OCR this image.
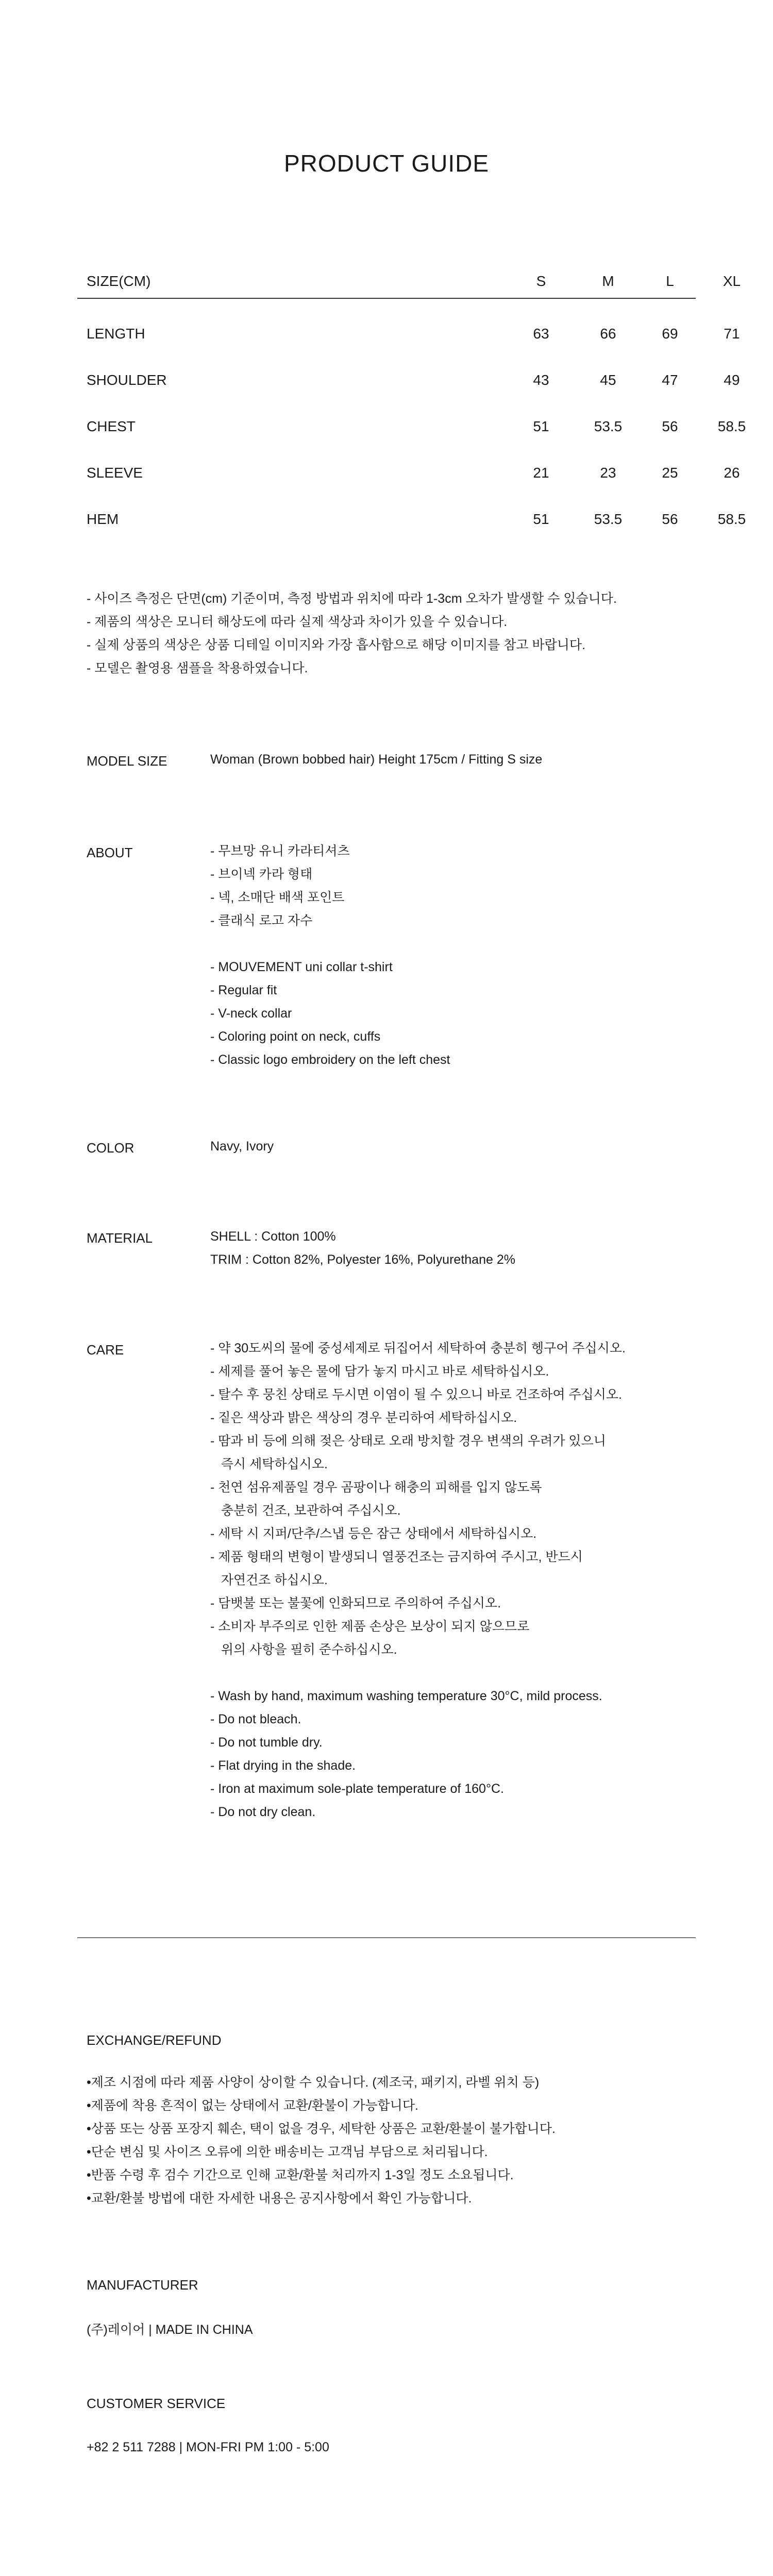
PRODUCT GUIDE
SIZE(CM)	S	M	L	XL
LENGTH	63	66	69	71
SHOULDER	43	45	47	49
CHEST	51	53.5	56	58.5
SLEEVE	21	23	25	26
HEM	51	53.5	56	58.5
- 사이즈 측정은 단면(cm) 기준이며, 측정 방법과 위치에 따라 1-3cm 오차가 발생할 수 있습니다.
- 제품의 색상은 모니터 해상도에 따라 실제 색상과 차이가 있을 수 있습니다.
- 실제 상품의 색상은 상품 디테일 이미지와 가장 흡사함으로 해당 이미지를 참고 바랍니다.
- 모델은 촬영용 샘플을 착용하였습니다.
MODEL SIZE	Woman (Brown bobbed hair) Height 175cm / Fitting S size
ABOUT	- 무브망 유니 카라티셔츠
- 브이넥 카라 형태
- 넥, 소매단 배색 포인트
- 클래식 로고 자수
- MOUVEMENT uni collar t-shirt
- Regular fit
- V-neck collar
- Coloring point on neck, cuffs
- Classic logo embroidery on the left chest
COLOR	Navy, Ivory
MATERIAL	SHELL : Cotton 100%
TRIM : Cotton 82%, Polyester 16%, Polyurethane 2%
CARE	- 약 30도씨의 물에 중성세제로 뒤집어서 세탁하여 충분히 헹구어 주십시오.
- 세제를 풀어 놓은 물에 담가 놓지 마시고 바로 세탁하십시오.
- 탈수 후 뭉친 상태로 두시면 이염이 될 수 있으니 바로 건조하여 주십시오.
- 짙은 색상과 밝은 색상의 경우 분리하여 세탁하십시오.
- 땀과 비 등에 의해 젖은 상태로 오래 방치할 경우 변색의 우려가 있으니
즉시 세탁하십시오.
- 천연 섬유제품일 경우 곰팡이나 해충의 피해를 입지 않도록
충분히 건조, 보관하여 주십시오.
- 세탁 시 지퍼/단추/스냅 등은 잠근 상태에서 세탁하십시오.
- 제품 형태의 변형이 발생되니 열풍건조는 금지하여 주시고, 반드시
자연건조 하십시오.
- 담뱃불 또는 불꽃에 인화되므로 주의하여 주십시오.
- 소비자 부주의로 인한 제품 손상은 보상이 되지 않으므로
위의 사항을 필히 준수하십시오.
- Wash by hand, maximum washing temperature 30°C, mild process.
- Do not bleach.
- Do not tumble dry.
- Flat drying in the shade.
- Iron at maximum sole-plate temperature of 160°C.
- Do not dry clean.
EXCHANGE/REFUND
•제조 시점에 따라 제품 사양이 상이할 수 있습니다. (제조국, 패키지, 라벨 위치 등)
•제품에 착용 흔적이 없는 상태에서 교환/환불이 가능합니다.
•상품 또는 상품 포장지 훼손, 택이 없을 경우, 세탁한 상품은 교환/환불이 불가합니다.
•단순 변심 및 사이즈 오류에 의한 배송비는 고객님 부담으로 처리됩니다.
•반품 수령 후 검수 기간으로 인해 교환/환불 처리까지 1-3일 정도 소요됩니다.
•교환/환불 방법에 대한 자세한 내용은 공지사항에서 확인 가능합니다.
MANUFACTURER
(주)레이어 | MADE IN CHINA
CUSTOMER SERVICE
+82 2 511 7288 | MON-FRI PM 1:00 - 5:00
